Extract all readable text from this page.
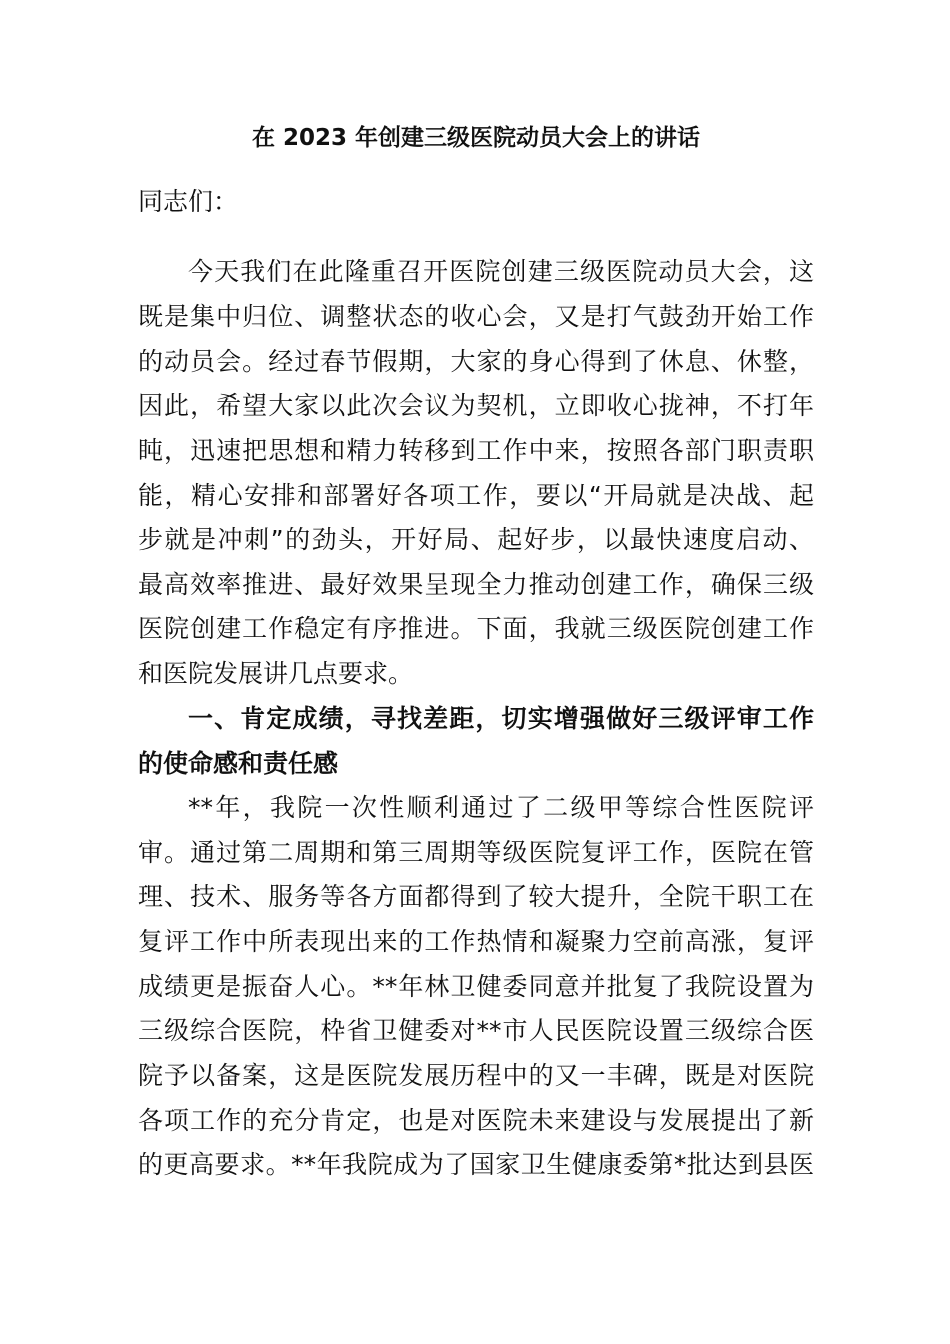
在 2023 年创建三级医院动员大会上的讲话
同志们：
今天我们在此隆重召开医院创建三级医院动员大会，这
既是集中归位、调整状态的收心会，又是打气鼓劲开始工作
的动员会。经过春节假期，大家的身心得到了休息、休整，
因此，希望大家以此次会议为契机，立即收心拢神，不打年
盹，迅速把思想和精力转移到工作中来，按照各部门职责职
能，精心安排和部署好各项工作，要以“开局就是决战、起
步就是冲刺”的劲头，开好局、起好步，以最快速度启动、
最高效率推进、最好效果呈现全力推动创建工作，确保三级
医院创建工作稳定有序推进。下面，我就三级医院创建工作
和医院发展讲几点要求。
一、肯定成绩，寻找差距，切实增强做好三级评审工作
的使命感和责任感
**年，我院一次性顺利通过了二级甲等综合性医院评
审。通过第二周期和第三周期等级医院复评工作，医院在管
理、技术、服务等各方面都得到了较大提升，全院干职工在
复评工作中所表现出来的工作热情和凝聚力空前高涨，复评
成绩更是振奋人心。**年林卫健委同意并批复了我院设置为
三级综合医院，枠省卫健委对**市人民医院设置三级综合医
院予以备案，这是医院发展历程中的又一丰碑，既是对医院
各项工作的充分肯定，也是对医院未来建设与发展提出了新
的更高要求。**年我院成为了国家卫生健康委第*批达到县医
